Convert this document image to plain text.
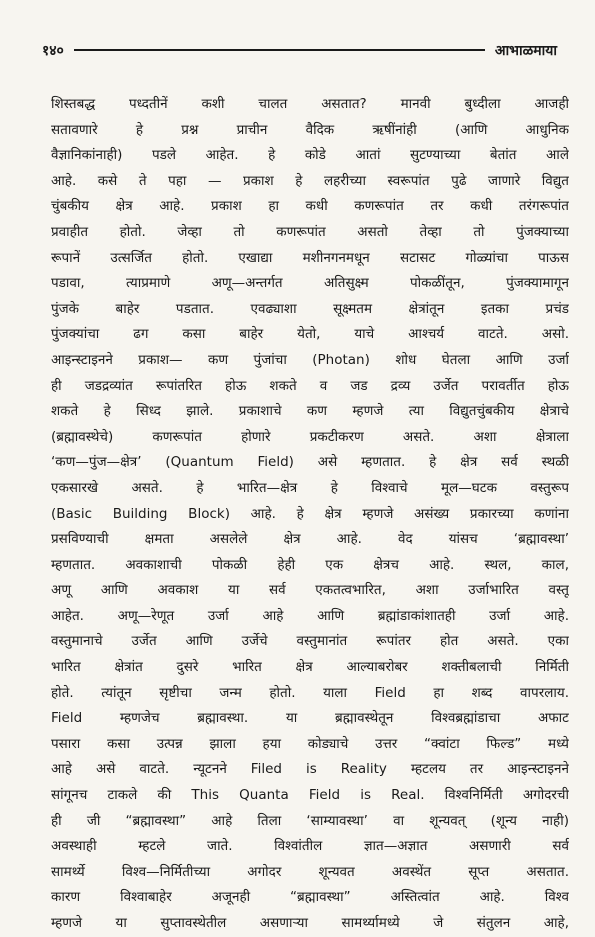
१४०	आभाळमाया
शिस्तबद्ध पध्दतीनें कशी चालत असतात? मानवी बुध्दीला आजही
सतावणारे हे प्रश्न प्राचीन वैदिक ऋषींनांही (आणि आधुनिक
वैज्ञानिकांनाही) पडले आहेत. हे कोडे आतां सुटण्याच्या बेतांत आले
आहे. कसे ते पहा — प्रकाश हे लहरीच्या स्वरूपांत पुढे जाणारे विद्युत
चुंबकीय क्षेत्र आहे. प्रकाश हा कधी कणरूपांत तर कधी तरंगरूपांत
प्रवाहीत होतो. जेव्हा तो कणरूपांत असतो तेव्हा तो पुंजक्याच्या
रूपानें उत्सर्जित होतो. एखाद्या मशीनगनमधून सटासट गोळ्यांचा पाऊस
पडावा, त्याप्रमाणे अणू—अन्तर्गत अतिसुक्ष्म पोकळींतून, पुंजक्यामागून
पुंजके बाहेर पडतात. एवढ्याशा सूक्ष्मतम क्षेत्रांतून इतका प्रचंड
पुंजक्यांचा ढग कसा बाहेर येतो, याचे आश्चर्य वाटते. असो.
आइन्स्टाइनने प्रकाश— कण पुंजांचा (Photan) शोध घेतला आणि उर्जा
ही जडद्रव्यांत रूपांतरित होऊ शकते व जड द्रव्य उर्जेत परावर्तीत होऊ
शकते हे सिध्द झाले. प्रकाशाचे कण म्हणजे त्या विद्युतचुंबकीय क्षेत्राचे
(ब्रह्मावस्थेचे) कणरूपांत होणारे प्रकटीकरण असते. अशा क्षेत्राला
‘कण—पुंज—क्षेत्र’ (Quantum Field) असे म्हणतात. हे क्षेत्र सर्व स्थळी
एकसारखे असते. हे भारित—क्षेत्र हे विश्वाचे मूल—घटक वस्तुरूप
(Basic Building Block) आहे. हे क्षेत्र म्हणजे असंख्य प्रकारच्या कणांना
प्रसविण्याची क्षमता असलेले क्षेत्र आहे. वेद यांसच ‘ब्रह्मावस्था’
म्हणतात. अवकाशाची पोकळी हेही एक क्षेत्रच आहे. स्थल, काल,
अणू आणि अवकाश या सर्व एकतत्वभारित, अशा उर्जाभारित वस्तू
आहेत. अणू—रेणूत उर्जा आहे आणि ब्रह्मांडाकांशातही उर्जा आहे.
वस्तुमानाचे उर्जेत आणि उर्जेचे वस्तुमानांत रूपांतर होत असते. एका
भारित क्षेत्रांत दुसरे भारित क्षेत्र आल्याबरोबर शक्तीबलाची निर्मिती
होते. त्यांतून सृष्टीचा जन्म होतो. याला Field हा शब्द वापरलाय.
Field म्हणजेच ब्रह्मावस्था. या ब्रह्मावस्थेतून विश्वब्रह्मांडाचा अफाट
पसारा कसा उत्पन्न झाला हया कोड्याचे उत्तर “क्वांटा फिल्ड” मध्ये
आहे असे वाटते. न्यूटनने Filed is Reality म्हटलय तर आइन्स्टाइनने
सांगूनच टाकले की This Quanta Field is Real. विश्वनिर्मिती अगोदरची
ही जी “ब्रह्मावस्था” आहे तिला ‘साम्यावस्था’ वा शून्यवत् (शून्य नाही)
अवस्थाही म्हटले जाते. विश्वांतील ज्ञात—अज्ञात असणारी सर्व
सामर्थ्ये विश्व—निर्मितीच्या अगोदर शून्यवत अवस्थेंत सूप्त असतात.
कारण विश्वाबाहेर अजूनही “ब्रह्मावस्था” अस्तित्वांत आहे. विश्व
म्हणजे या सुप्तावस्थेतील असणाऱ्या सामर्थ्यामध्ये जे संतुलन आहे,
